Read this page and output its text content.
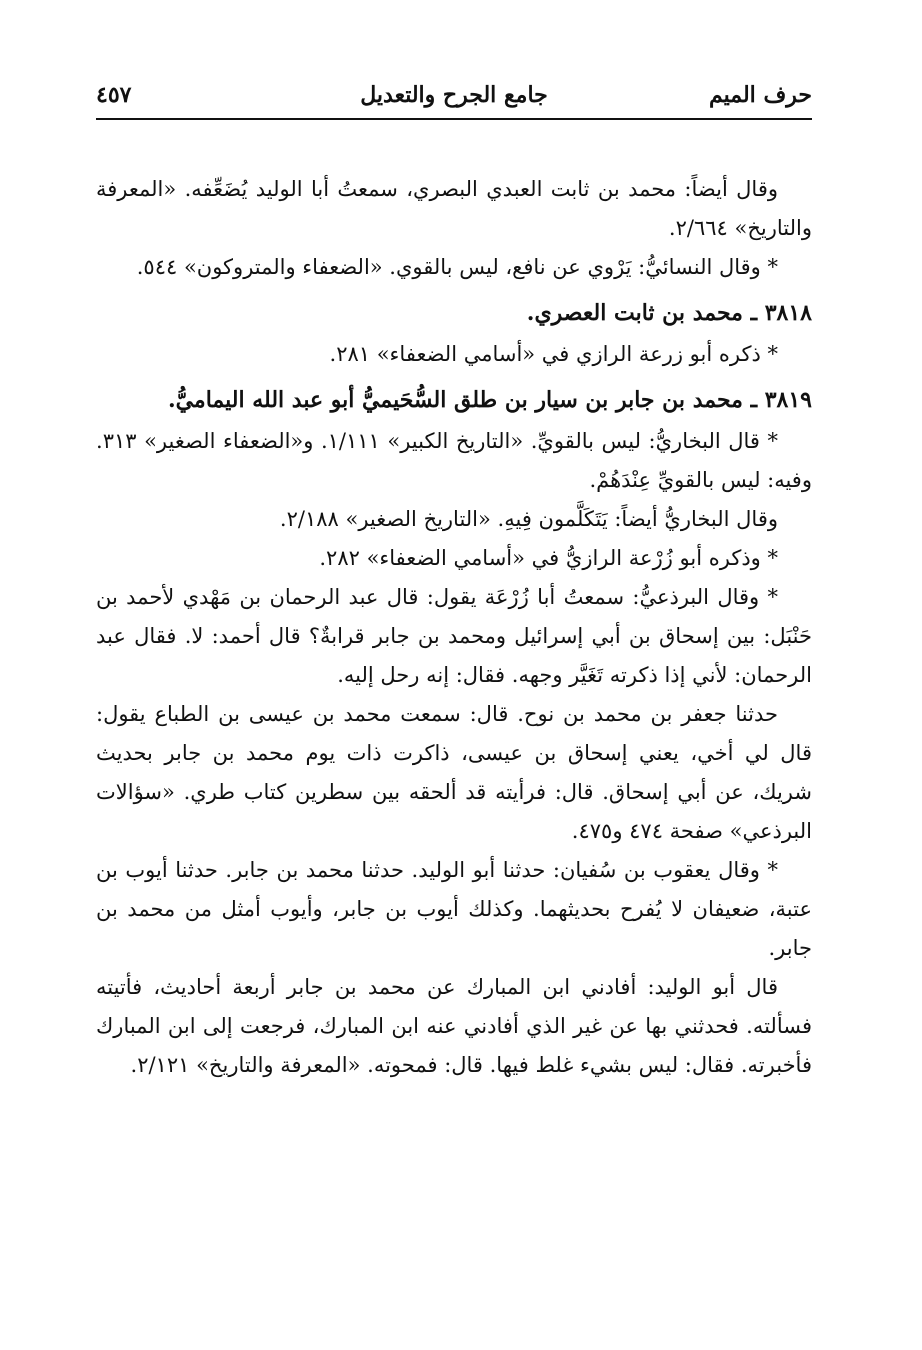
حرف الميم
جامع الجرح والتعديل
٤٥٧

وقال أيضاً: محمد بن ثابت العبدي البصري، سمعتُ أبا الوليد يُضَعِّفه. «المعرفة والتاريخ» ٢/٦٦٤.

* وقال النسائيُّ: يَرْوي عن نافع، ليس بالقوي. «الضعفاء والمتروكون» ٥٤٤.

٣٨١٨ ـ محمد بن ثابت العصري.

* ذكره أبو زرعة الرازي في «أسامي الضعفاء» ٢٨١.

٣٨١٩ ـ محمد بن جابر بن سيار بن طلق السُّحَيميُّ أبو عبد الله اليماميُّ.

* قال البخاريُّ: ليس بالقويِّ. «التاريخ الكبير» ١/١١١. و«الضعفاء الصغير» ٣١٣. وفيه: ليس بالقويِّ عِنْدَهُمْ.

وقال البخاريُّ أيضاً: يَتَكَلَّمون فِيهِ. «التاريخ الصغير» ٢/١٨٨.

* وذكره أبو زُرْعة الرازيُّ في «أسامي الضعفاء» ٢٨٢.

* وقال البرذعيُّ: سمعتُ أبا زُرْعَة يقول: قال عبد الرحمان بن مَهْدي لأحمد بن حَنْبَل: بين إسحاق بن أبي إسرائيل ومحمد بن جابر قرابةٌ؟ قال أحمد: لا. فقال عبد الرحمان: لأني إذا ذكرته تَغَيَّر وجهه. فقال: إنه رحل إليه.

حدثنا جعفر بن محمد بن نوح. قال: سمعت محمد بن عيسى بن الطباع يقول: قال لي أخي، يعني إسحاق بن عيسى، ذاكرت ذات يوم محمد بن جابر بحديث شريك، عن أبي إسحاق. قال: فرأيته قد ألحقه بين سطرين كتاب طري. «سؤالات البرذعي» صفحة ٤٧٤ و٤٧٥.

* وقال يعقوب بن سُفيان: حدثنا أبو الوليد. حدثنا محمد بن جابر. حدثنا أيوب بن عتبة، ضعيفان لا يُفرح بحديثهما. وكذلك أيوب بن جابر، وأيوب أمثل من محمد بن جابر.

قال أبو الوليد: أفادني ابن المبارك عن محمد بن جابر أربعة أحاديث، فأتيته فسألته. فحدثني بها عن غير الذي أفادني عنه ابن المبارك، فرجعت إلى ابن المبارك فأخبرته. فقال: ليس بشيء غلط فيها. قال: فمحوته. «المعرفة والتاريخ» ٢/١٢١.
